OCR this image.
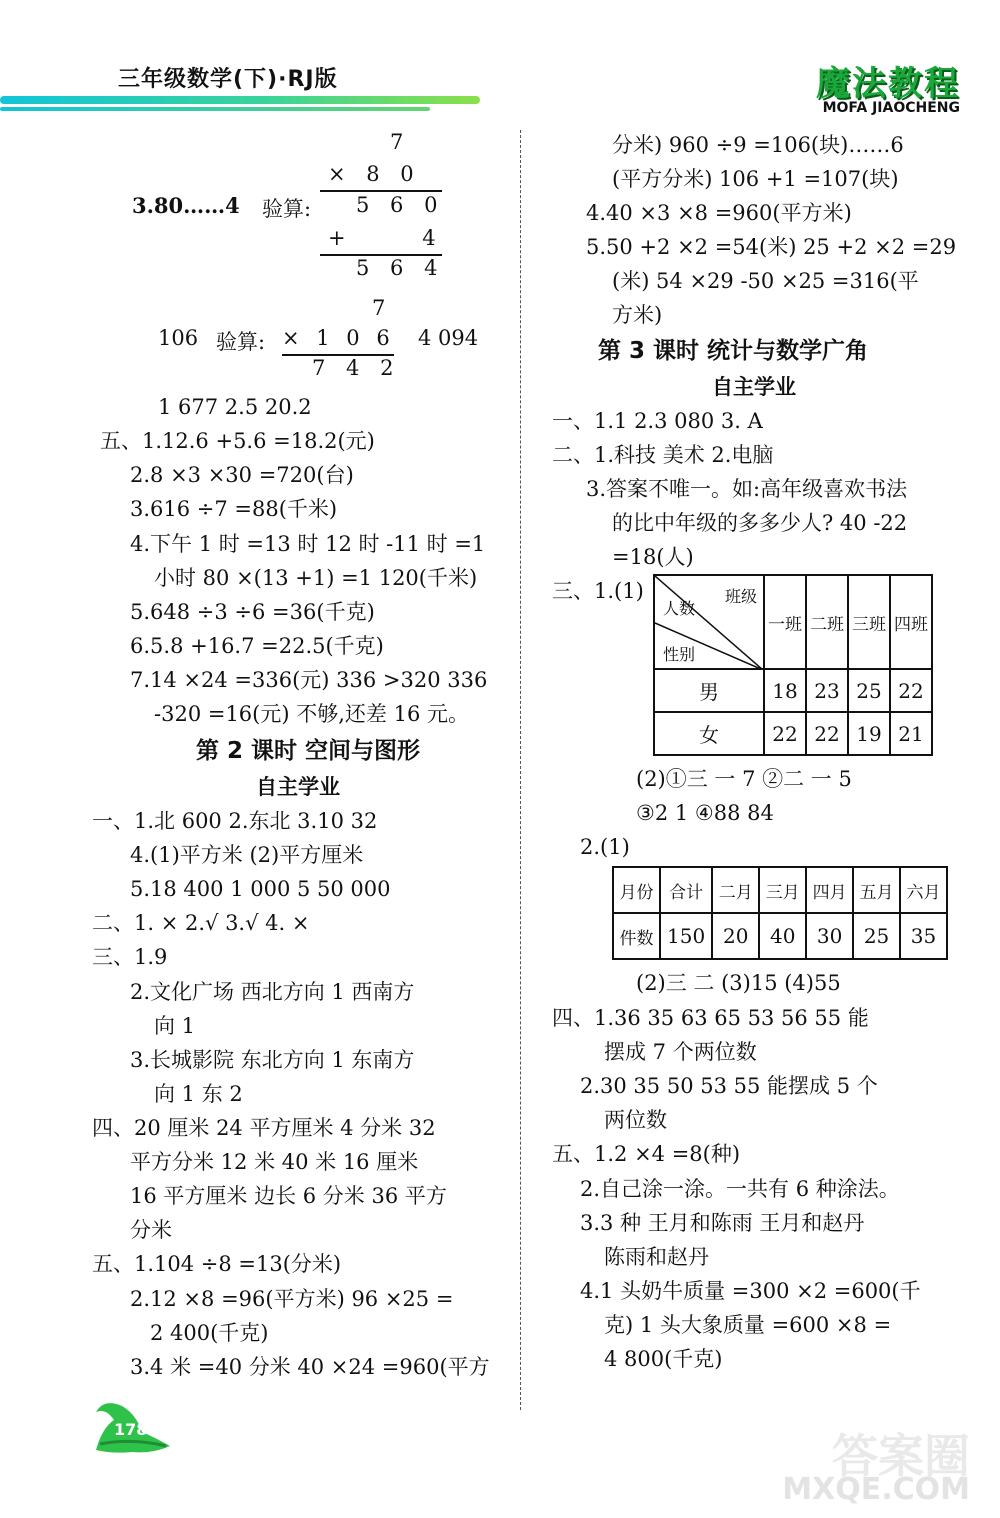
三年级数学(下)·RJ版	魔法教程
MOFA JIAOCHENG
7
× 8 0
3.80……4 验算: 5 6 0
+ 4
5 6 4
7
106 验算: × 1 0 6 4 094
7 4 2
1 677 2.5 20.2
五、1.12.6 +5.6 =18.2(元)
2.8 ×3 ×30 =720(台)
3.616 ÷7 =88(千米)
4.下午 1 时 =13 时 12 时 -11 时 =1
小时 80 ×(13 +1) =1 120(千米)
5.648 ÷3 ÷6 =36(千克)
6.5.8 +16.7 =22.5(千克)
7.14 ×24 =336(元) 336 >320 336
-320 =16(元) 不够,还差 16 元。
第 2 课时 空间与图形
自主学业
一、1.北 600 2.东北 3.10 32
4.(1)平方米 (2)平方厘米
5.18 400 1 000 5 50 000
二、1. × 2.√ 3.√ 4. ×
三、1.9
2.文化广场 西北方向 1 西南方
向 1
3.长城影院 东北方向 1 东南方
向 1 东 2
四、20 厘米 24 平方厘米 4 分米 32
平方分米 12 米 40 米 16 厘米
16 平方厘米 边长 6 分米 36 平方
分米
五、1.104 ÷8 =13(分米)
2.12 ×8 =96(平方米) 96 ×25 =
2 400(千克)
3.4 米 =40 分米 40 ×24 =960(平方
分米) 960 ÷9 =106(块)……6
(平方分米) 106 +1 =107(块)
4.40 ×3 ×8 =960(平方米)
5.50 +2 ×2 =54(米) 25 +2 ×2 =29
(米) 54 ×29 -50 ×25 =316(平
方米)
第 3 课时 统计与数学广角
自主学业
一、1.1 2.3 080 3. A
二、1.科技 美术 2.电脑
3.答案不唯一。如:高年级喜欢书法
的比中年级的多多少人? 40 -22
=18(人)
三、1.(1)	班级
人数
性别	一班	二班	三班	四班
男	18	23	25	22
女	22	22	19	21
(2)①三 一 7 ②二 一 5
③2 1 ④88 84
2.(1)
月份	合计	二月	三月	四月	五月	六月
件数	150	20	40	30	25	35
(2)三 二 (3)15 (4)55
四、1.36 35 63 65 53 56 55 能
摆成 7 个两位数
2.30 35 50 53 55 能摆成 5 个
两位数
五、1.2 ×4 =8(种)
2.自己涂一涂。一共有 6 种涂法。
3.3 种 王月和陈雨 王月和赵丹
陈雨和赵丹
4.1 头奶牛质量 =300 ×2 =600(千
克) 1 头大象质量 =600 ×8 =
4 800(千克)
178	答案圈
MXQE.COM
